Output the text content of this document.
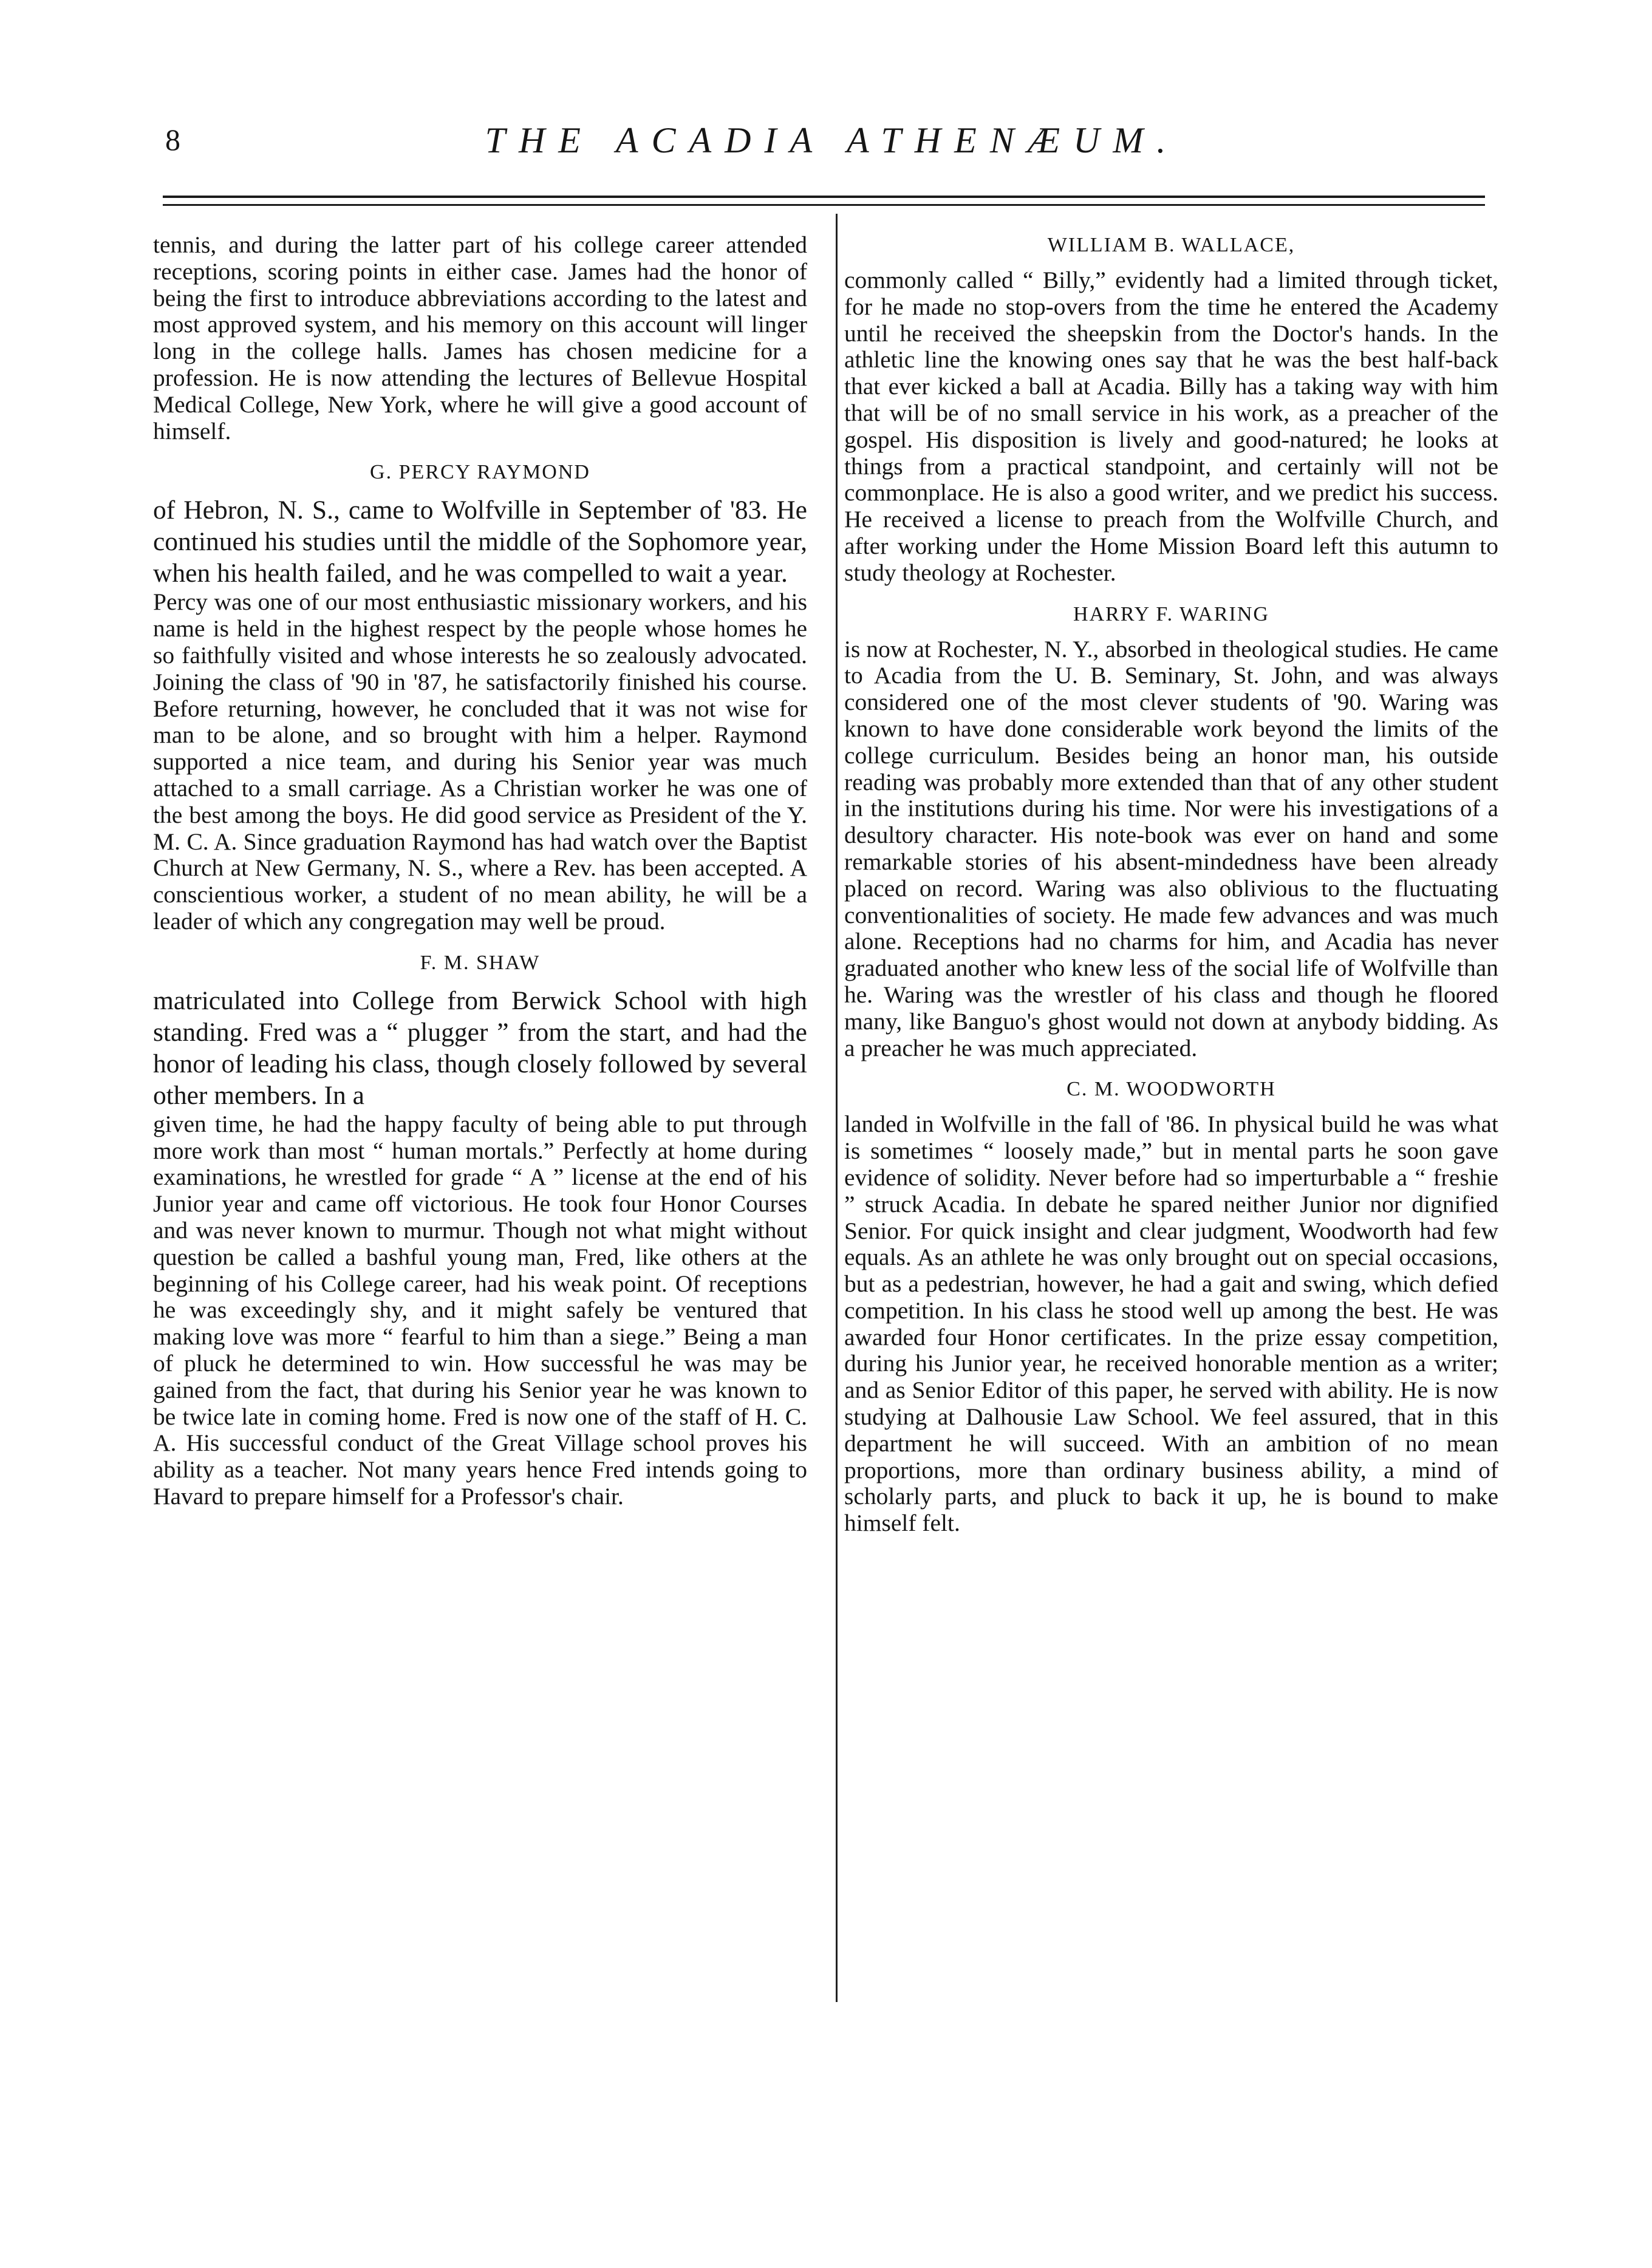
8	THE ACADIA ATHENÆUM.

tennis, and during the latter part of his college career attended receptions, scoring points in either case. James had the honor of being the first to introduce abbreviations according to the latest and most approved system, and his memory on this account will linger long in the college halls. James has chosen medicine for a profession. He is now attending the lectures of Bellevue Hospital Medical College, New York, where he will give a good account of himself.

G. PERCY RAYMOND

of Hebron, N. S., came to Wolfville in September of '83. He continued his studies until the middle of the Sophomore year, when his health failed, and he was compelled to wait a year.

Percy was one of our most enthusiastic missionary workers, and his name is held in the highest respect by the people whose homes he so faithfully visited and whose interests he so zealously advocated. Joining the class of '90 in '87, he satisfactorily finished his course. Before returning, however, he concluded that it was not wise for man to be alone, and so brought with him a helper. Raymond supported a nice team, and during his Senior year was much attached to a small carriage. As a Christian worker he was one of the best among the boys. He did good service as President of the Y. M. C. A. Since graduation Raymond has had watch over the Baptist Church at New Germany, N. S., where a Rev. has been accepted. A conscientious worker, a student of no mean ability, he will be a leader of which any congregation may well be proud.

F. M. SHAW

matriculated into College from Berwick School with high standing. Fred was a “ plugger ” from the start, and had the honor of leading his class, though closely followed by several other members. In a

given time, he had the happy faculty of being able to put through more work than most “ human mortals.” Perfectly at home during examinations, he wrestled for grade “ A ” license at the end of his Junior year and came off victorious. He took four Honor Courses and was never known to murmur. Though not what might without question be called a bashful young man, Fred, like others at the beginning of his College career, had his weak point. Of receptions he was exceedingly shy, and it might safely be ventured that making love was more “ fearful to him than a siege.” Being a man of pluck he determined to win. How successful he was may be gained from the fact, that during his Senior year he was known to be twice late in coming home. Fred is now one of the staff of H. C. A. His successful conduct of the Great Village school proves his ability as a teacher. Not many years hence Fred intends going to Havard to prepare himself for a Professor's chair.

WILLIAM B. WALLACE,

commonly called “ Billy,” evidently had a limited through ticket, for he made no stop-overs from the time he entered the Academy until he received the sheepskin from the Doctor's hands. In the athletic line the knowing ones say that he was the best half-back that ever kicked a ball at Acadia. Billy has a taking way with him that will be of no small service in his work, as a preacher of the gospel. His disposition is lively and good-natured; he looks at things from a practical standpoint, and certainly will not be commonplace. He is also a good writer, and we predict his success. He received a license to preach from the Wolfville Church, and after working under the Home Mission Board left this autumn to study theology at Rochester.

HARRY F. WARING

is now at Rochester, N. Y., absorbed in theological studies. He came to Acadia from the U. B. Seminary, St. John, and was always considered one of the most clever students of '90. Waring was known to have done considerable work beyond the limits of the college curriculum. Besides being an honor man, his outside reading was probably more extended than that of any other student in the institutions during his time. Nor were his investigations of a desultory character. His note-book was ever on hand and some remarkable stories of his absent-mindedness have been already placed on record. Waring was also oblivious to the fluctuating conventionalities of society. He made few advances and was much alone. Receptions had no charms for him, and Acadia has never graduated another who knew less of the social life of Wolfville than he. Waring was the wrestler of his class and though he floored many, like Banguo's ghost would not down at anybody bidding. As a preacher he was much appreciated.

C. M. WOODWORTH

landed in Wolfville in the fall of '86. In physical build he was what is sometimes “ loosely made,” but in mental parts he soon gave evidence of solidity. Never before had so imperturbable a “ freshie ” struck Acadia. In debate he spared neither Junior nor dignified Senior. For quick insight and clear judgment, Woodworth had few equals. As an athlete he was only brought out on special occasions, but as a pedestrian, however, he had a gait and swing, which defied competition. In his class he stood well up among the best. He was awarded four Honor certificates. In the prize essay competition, during his Junior year, he received honorable mention as a writer; and as Senior Editor of this paper, he served with ability. He is now studying at Dalhousie Law School. We feel assured, that in this department he will succeed. With an ambition of no mean proportions, more than ordinary business ability, a mind of scholarly parts, and pluck to back it up, he is bound to make himself felt.
